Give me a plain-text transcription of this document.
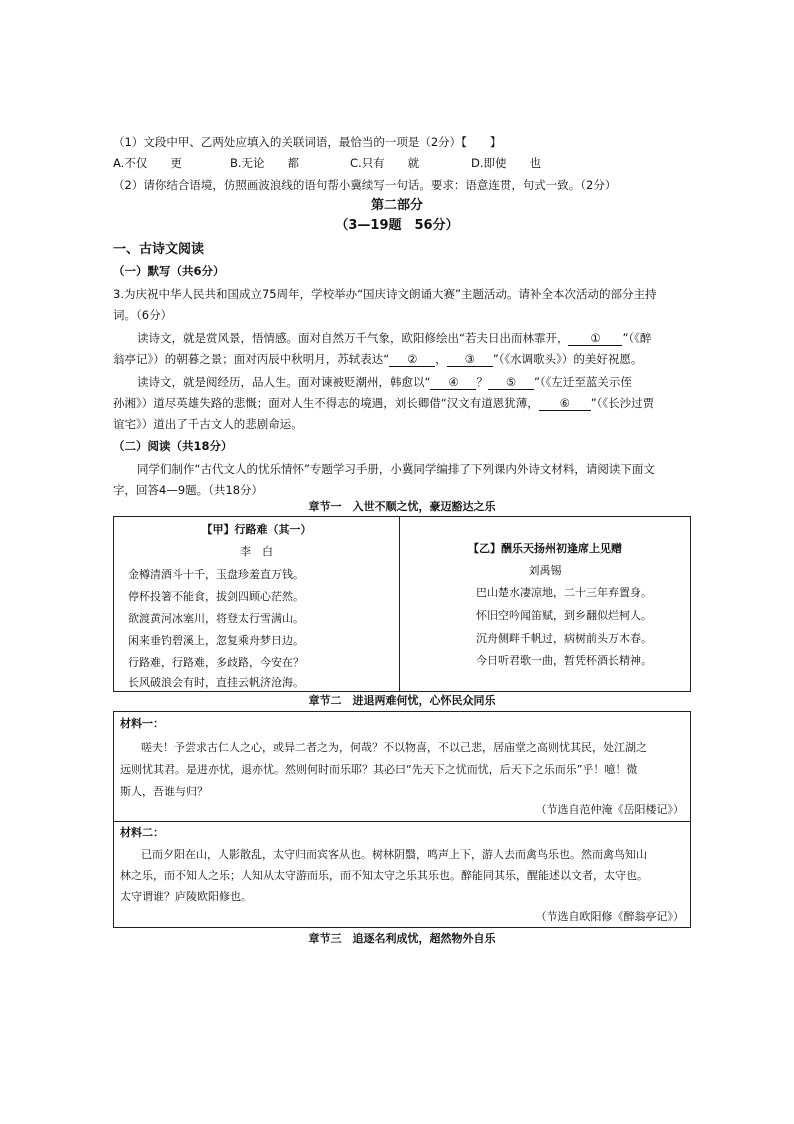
（1）文段中甲、乙两处应填入的关联词语，最恰当的一项是（2分）【　　】
A.不仅　　更	B.无论　　都	C.只有　　就	D.即使　　也
（2）请你结合语境，仿照画波浪线的语句帮小冀续写一句话。要求：语意连贯，句式一致。（2分）
第二部分
（3—19题　56分）
一、古诗文阅读
（一）默写（共6分）
3.为庆祝中华人民共和国成立75周年，学校举办“国庆诗文朗诵大赛”主题活动。请补全本次活动的部分主持
词。（6分）
读诗文，就是赏风景，悟情感。面对自然万千气象，欧阳修绘出“若夫日出而林霏开， ① ”（《醉
翁亭记》）的朝暮之景；面对丙辰中秋明月，苏轼表达“ ② ， ③ ”（《水调歌头》）的美好祝愿。
读诗文，就是阅经历，品人生。面对谏被贬潮州，韩愈以“ ④ ？ ⑤ ”（《左迁至蓝关示侄
孙湘》）道尽英雄失路的悲慨；面对人生不得志的境遇，刘长卿借“汉文有道恩犹薄， ⑥ ”（《长沙过贾
谊宅》）道出了千古文人的悲剧命运。
（二）阅读（共18分）
同学们制作“古代文人的忧乐情怀”专题学习手册，小冀同学编排了下列课内外诗文材料，请阅读下面文
字，回答4—9题。（共18分）
章节一　入世不顺之忧，豪迈豁达之乐
【甲】行路难（其一）
李　白
金樽清酒斗十千，玉盘珍羞直万钱。
停杯投箸不能食，拔剑四顾心茫然。
欲渡黄河冰塞川，将登太行雪满山。
闲来垂钓碧溪上，忽复乘舟梦日边。
行路难，行路难，多歧路，今安在？
长风破浪会有时，直挂云帆济沧海。
【乙】酬乐天扬州初逢席上见赠
刘禹锡
巴山楚水凄凉地，二十三年弃置身。
怀旧空吟闻笛赋，到乡翻似烂柯人。
沉舟侧畔千帆过，病树前头万木春。
今日听君歌一曲，暂凭杯酒长精神。
章节二　进退两难何忧，心怀民众同乐
材料一：
嗟夫！予尝求古仁人之心，或异二者之为，何哉？不以物喜，不以己悲，居庙堂之高则忧其民，处江湖之
远则忧其君。是进亦忧，退亦忧。然则何时而乐耶？其必曰“先天下之忧而忧，后天下之乐而乐”乎！噫！微
斯人，吾谁与归？
（节选自范仲淹《岳阳楼记》）
材料二：
已而夕阳在山，人影散乱，太守归而宾客从也。树林阴翳，鸣声上下，游人去而禽鸟乐也。然而禽鸟知山
林之乐，而不知人之乐；人知从太守游而乐，而不知太守之乐其乐也。醉能同其乐，醒能述以文者，太守也。
太守谓谁？庐陵欧阳修也。
（节选自欧阳修《醉翁亭记》）
章节三　追逐名利成忧，超然物外自乐
